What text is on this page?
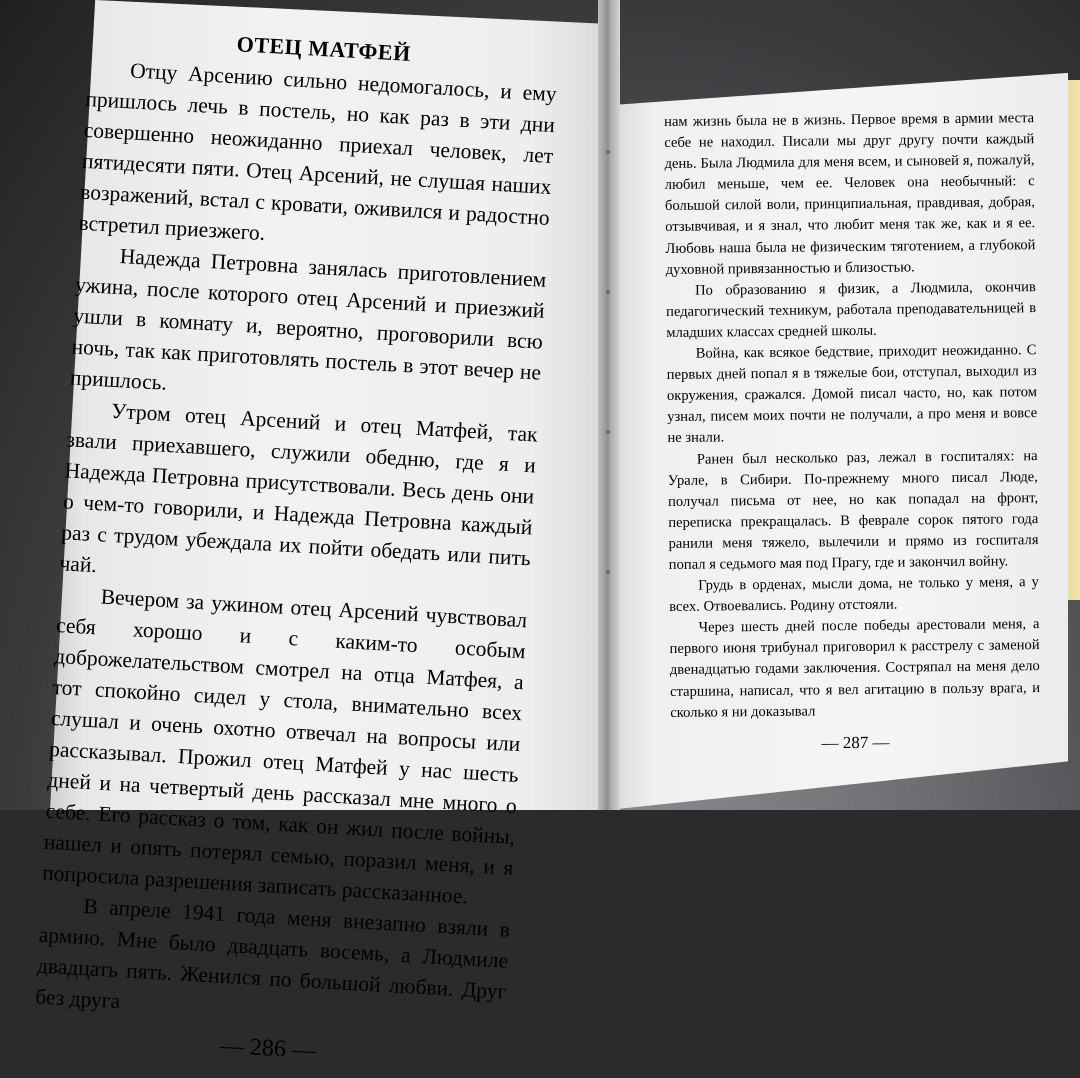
ОТЕЦ МАТФЕЙ

Отцу Арсению сильно недомогалось, и ему пришлось лечь в постель, но как раз в эти дни совершенно неожиданно приехал человек, лет пятидесяти пяти. Отец Арсений, не слушая наших возражений, встал с кровати, оживился и радостно встретил приезжего.

Надежда Петровна занялась приготовлением ужина, после которого отец Арсений и приезжий ушли в комнату и, вероятно, проговорили всю ночь, так как приготовлять постель в этот вечер не пришлось.

Утром отец Арсений и отец Матфей, так звали приехавшего, служили обедню, где я и Надежда Петровна присутствовали. Весь день они о чем-то говорили, и Надежда Петровна каждый раз с трудом убеждала их пойти обедать или пить чай.

Вечером за ужином отец Арсений чувствовал себя хорошо и с каким-то особым доброжелательством смотрел на отца Матфея, а тот спокойно сидел у стола, внимательно всех слушал и очень охотно отвечал на вопросы или рассказывал. Прожил отец Матфей у нас шесть дней и на четвертый день рассказал мне много о себе. Его рассказ о том, как он жил после войны, нашел и опять потерял семью, поразил меня, и я попросила разрешения записать рассказанное.

В апреле 1941 года меня внезапно взяли в армию. Мне было двадцать восемь, а Людмиле двадцать пять. Женился по большой любви. Друг без друга

— 286 —

нам жизнь была не в жизнь. Первое время в армии места себе не находил. Писали мы друг другу почти каждый день. Была Людмила для меня всем, и сыновей я, пожалуй, любил меньше, чем ее. Человек она необычный: с большой силой воли, принципиальная, правдивая, добрая, отзывчивая, и я знал, что любит меня так же, как и я ее. Любовь наша была не физическим тяготением, а глубокой духовной привязанностью и близостью.

По образованию я физик, а Людмила, окончив педагогический техникум, работала преподавательницей в младших классах средней школы.

Война, как всякое бедствие, приходит неожиданно. С первых дней попал я в тяжелые бои, отступал, выходил из окружения, сражался. Домой писал часто, но, как потом узнал, писем моих почти не получали, а про меня и вовсе не знали.

Ранен был несколько раз, лежал в госпиталях: на Урале, в Сибири. По-прежнему много писал Люде, получал письма от нее, но как попадал на фронт, переписка прекращалась. В феврале сорок пятого года ранили меня тяжело, вылечили и прямо из госпиталя попал я седьмого мая под Прагу, где и закончил войну.

Грудь в орденах, мысли дома, не только у меня, а у всех. Отвоевались. Родину отстояли.

Через шесть дней после победы арестовали меня, а первого июня трибунал приговорил к расстрелу с заменой двенадцатью годами заключения. Состряпал на меня дело старшина, написал, что я вел агитацию в пользу врага, и сколько я ни доказывал

— 287 —
